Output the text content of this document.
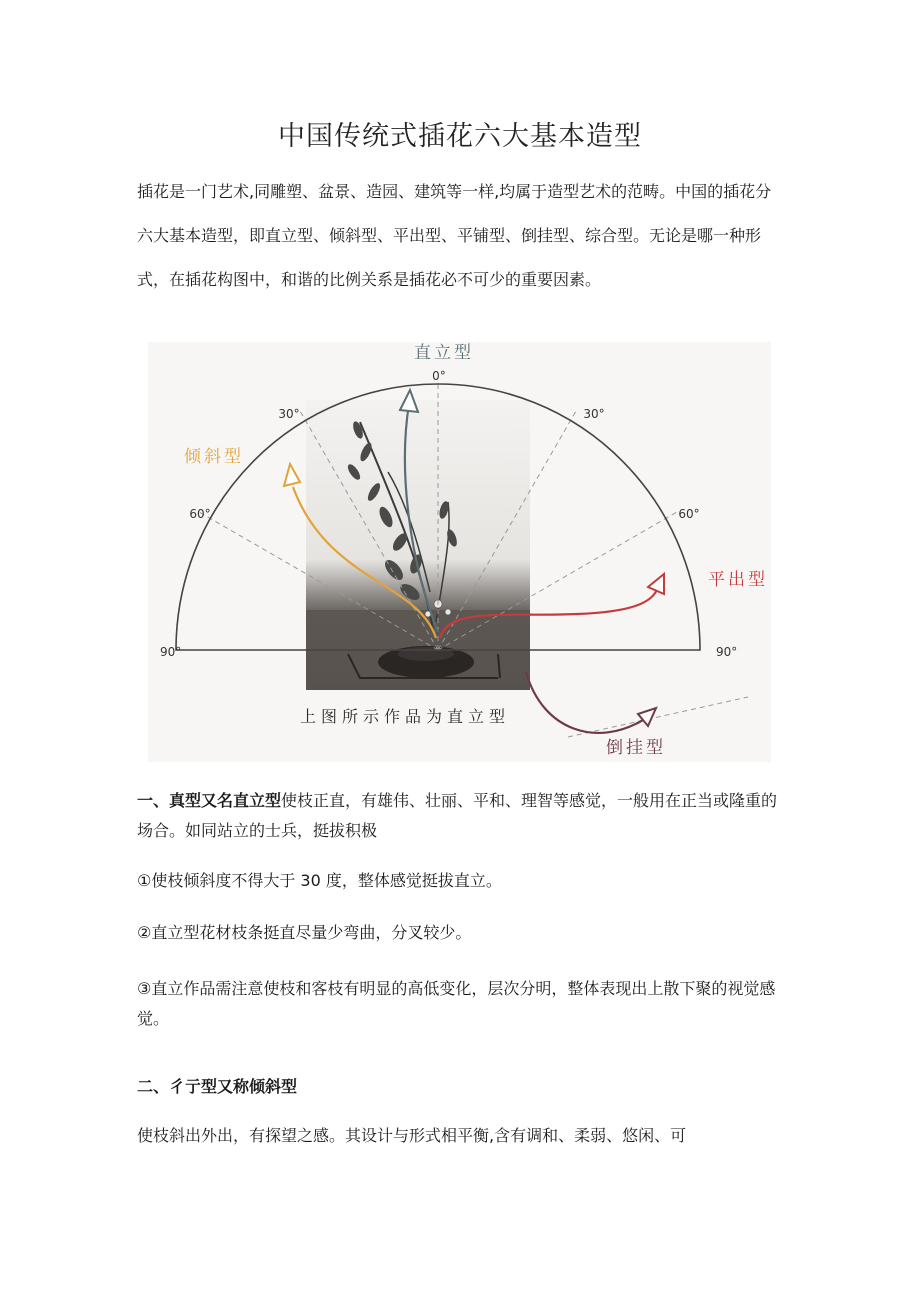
中国传统式插花六大基本造型

插花是一门艺术,同雕塑、盆景、造园、建筑等一样,均属于造型艺术的范畴。中国的插花分六大基本造型，即直立型、倾斜型、平出型、平铺型、倒挂型、综合型。无论是哪一种形式，在插花构图中，和谐的比例关系是插花必不可少的重要因素。

0°
30°	30°
60°	60°
90°	90°
直立型
倾斜型
平出型
倒挂型
上图所示作品为直立型

一、真型又名直立型使枝正直，有雄伟、壮丽、平和、理智等感觉，一般用在正当或隆重的场合。如同站立的士兵，挺拔积极

①使枝倾斜度不得大于 30 度，整体感觉挺拔直立。

②直立型花材枝条挺直尽量少弯曲，分叉较少。

③直立作品需注意使枝和客枝有明显的高低变化，层次分明，整体表现出上散下聚的视觉感觉。

二、彳亍型又称倾斜型

使枝斜出外出，有探望之感。其设计与形式相平衡,含有调和、柔弱、悠闲、可
